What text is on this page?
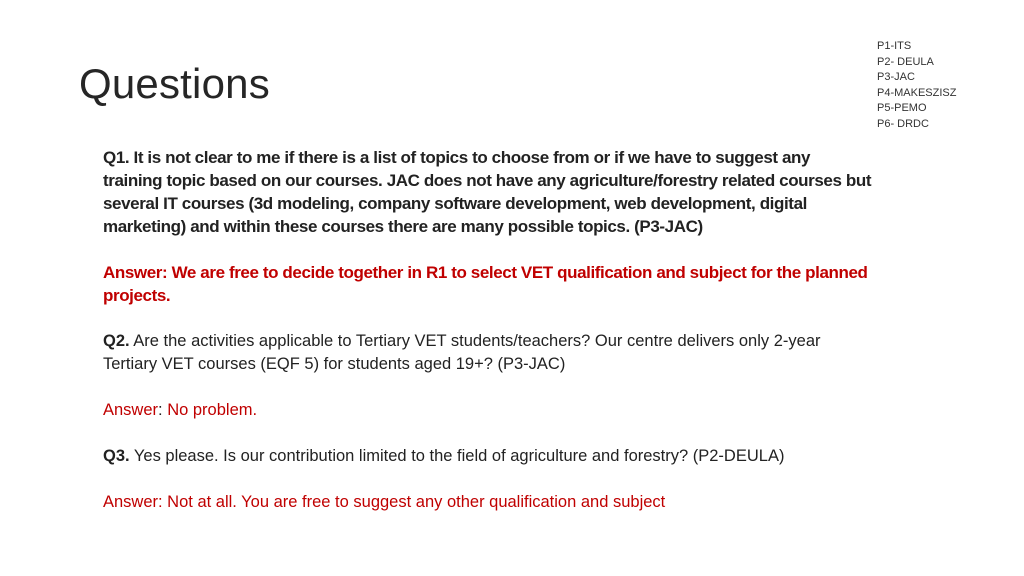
Questions
P1-ITS
P2- DEULA
P3-JAC
P4-MAKESZISZ
P5-PEMO
P6- DRDC

Q1. It is not clear to me if there is a list of topics to choose from or if we have to suggest any training topic based on our courses. JAC does not have any agriculture/forestry related courses but several IT courses (3d modeling, company software development, web development, digital marketing) and within these courses there are many possible topics. (P3-JAC)

Answer: We are free to decide together in R1 to select VET qualification and subject for the planned projects.

Q2. Are the activities applicable to Tertiary VET students/teachers? Our centre delivers only 2-year Tertiary VET courses (EQF 5) for students aged 19+? (P3-JAC)

Answer: No problem.

Q3. Yes please. Is our contribution limited to the field of agriculture and forestry? (P2-DEULA)

Answer: Not at all. You are free to suggest any other qualification and subject
